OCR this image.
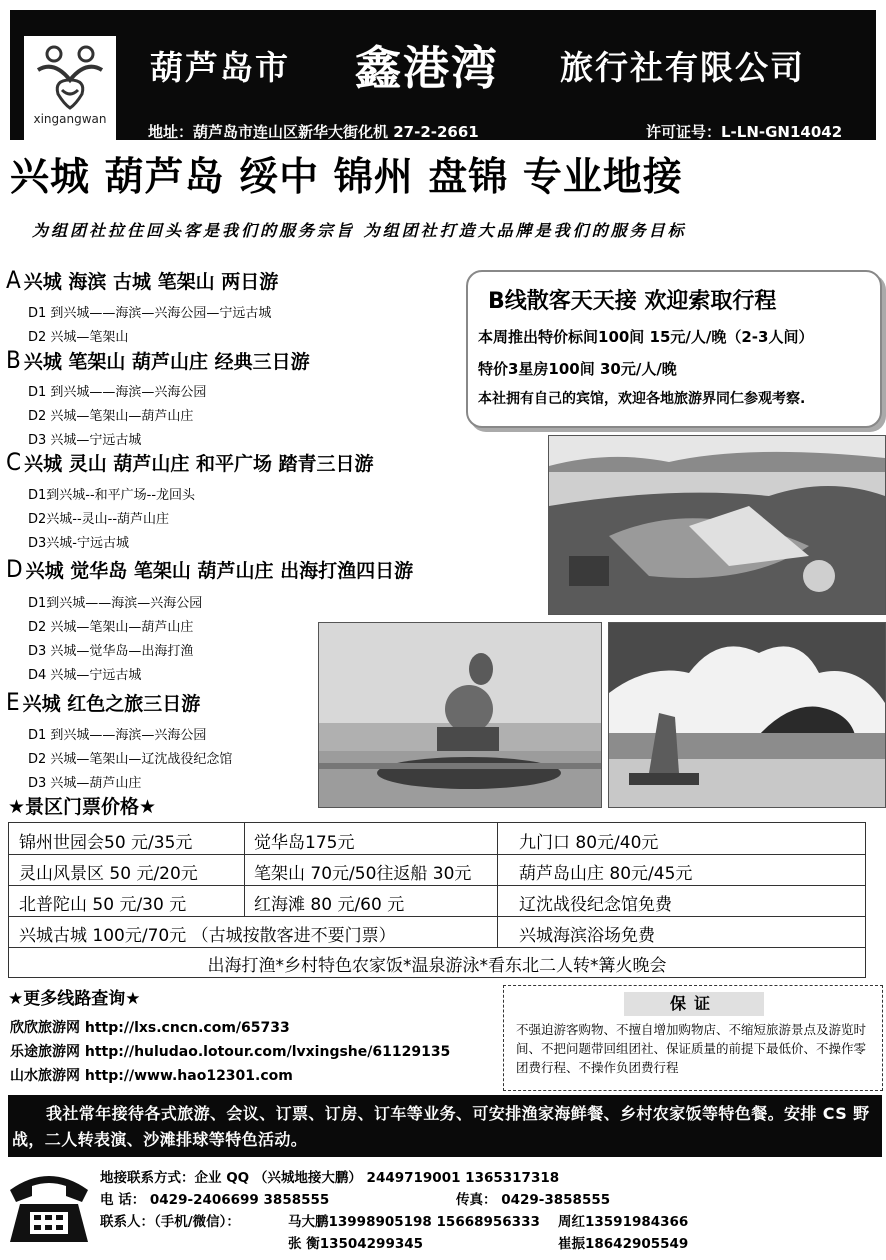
xingangwan
葫芦岛市 鑫港湾 旅行社有限公司
地址：葫芦岛市连山区新华大街化机 27-2-2661	许可证号：L-LN-GN14042
兴城 葫芦岛 绥中 锦州 盘锦 专业地接
为组团社拉住回头客是我们的服务宗旨 为组团社打造大品牌是我们的服务目标
A 兴城 海滨 古城 笔架山 两日游
D1 到兴城——海滨—兴海公园—宁远古城
D2 兴城—笔架山
B 兴城 笔架山 葫芦山庄 经典三日游
D1 到兴城——海滨—兴海公园
D2 兴城—笔架山—葫芦山庄
D3 兴城—宁远古城
C 兴城 灵山 葫芦山庄 和平广场 踏青三日游
D1到兴城--和平广场--龙回头
D2兴城--灵山--葫芦山庄
D3兴城-宁远古城
D 兴城 觉华岛 笔架山 葫芦山庄 出海打渔四日游
D1到兴城——海滨—兴海公园
D2 兴城—笔架山—葫芦山庄
D3 兴城—觉华岛—出海打渔
D4 兴城—宁远古城
E 兴城 红色之旅三日游
D1 到兴城——海滨—兴海公园
D2 兴城—笔架山—辽沈战役纪念馆
D3 兴城—葫芦山庄
B线散客天天接 欢迎索取行程
本周推出特价标间100间 15元/人/晚（2-3人间）
特价3星房100间 30元/人/晚
本社拥有自己的宾馆，欢迎各地旅游界同仁参观考察.
★景区门票价格★
锦州世园会50 元/35元	觉华岛175元	九门口 80元/40元
灵山风景区 50 元/20元	笔架山 70元/50往返船 30元	葫芦岛山庄 80元/45元
北普陀山 50 元/30 元	红海滩 80 元/60 元	辽沈战役纪念馆免费
兴城古城 100元/70元 （古城按散客进不要门票）	兴城海滨浴场免费
出海打渔*乡村特色农家饭*温泉游泳*看东北二人转*篝火晚会
★更多线路查询★
欣欣旅游网 http://lxs.cncn.com/65733
乐途旅游网 http://huludao.lotour.com/lvxingshe/61129135
山水旅游网 http://www.hao12301.com
保证
不强迫游客购物、不擅自增加购物店、不缩短旅游景点及游览时间、不把问题带回组团社、保证质量的前提下最低价、不操作零团费行程、不操作负团费行程
我社常年接待各式旅游、会议、订票、订房、订车等业务、可安排渔家海鲜餐、乡村农家饭等特色餐。安排 CS 野战，二人转表演、沙滩排球等特色活动。
地接联系方式：企业 QQ （兴城地接大鹏） 2449719001 1365317318
电 话： 0429-2406699 3858555	传真： 0429-3858555
联系人：（手机/微信）：	马大鹏13998905198 15668956333 周红13591984366
张 衡13504299345	崔振18642905549
